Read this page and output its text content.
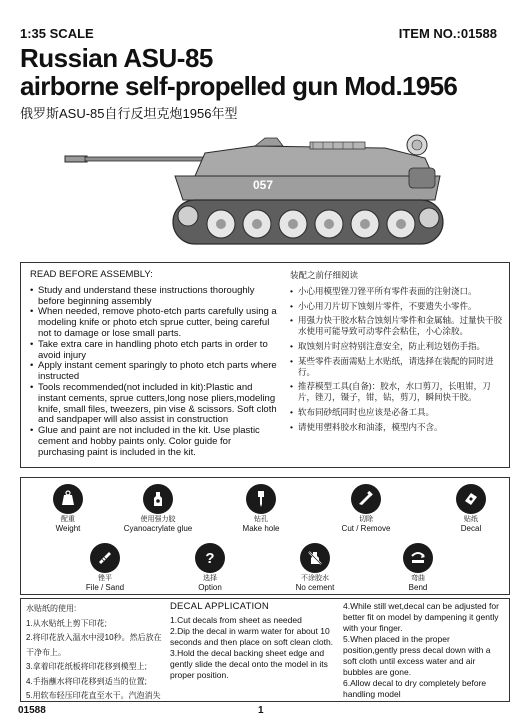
1:35 SCALE	ITEM NO.:01588
Russian ASU-85
airborne self-propelled gun Mod.1956
俄罗斯ASU-85自行反坦克炮1956年型
057
READ BEFORE ASSEMBLY:
• Study and understand these instructions thoroughly before beginning assembly
• When needed, remove photo-etch parts carefully using a modeling knife or photo etch sprue cutter, being careful not to damage or lose small parts.
• Take extra care in handling photo etch parts in order to avoid injury
• Apply instant cement sparingly to photo etch parts where instructed
• Tools recommended(not included in kit):Plastic and instant cements, sprue cutters,long nose pliers,modeling knife, small files, tweezers, pin vise & scissors. Soft cloth and sandpaper will also assist in construction
• Glue and paint are not included in the kit. Use plastic cement and hobby paints only. Color guide for purchasing paint is included in the kit.
装配之前仔细阅读
• 小心用模型锉刀锉平所有零件表面的注射浇口。
• 小心用刀片切下蚀刻片零件，不要遗失小零件。
• 用强力快干胶水粘合蚀刻片零件和金属轴。过量快干胶水使用可能导致可动零件会粘住，小心涂胶。
• 取蚀刻片时应特别注意安全，防止利边划伤手指。
• 某些零件表面需贴上水贴纸，请选择在装配的同时进行。
• 推荐模型工具(自备)：胶水，水口剪刀，长咀钳，刀片，锉刀，镊子，钳，钻，剪刀，瞬间快干胶。
• 软布同砂纸同时也应该是必备工具。
• 请使用塑料胶水和油漆，模型内不含。
配重
Weight
使用强力胶
Cyanoacrylate glue
钻孔
Make hole
切除
Cut / Remove
贴纸
Decal
锉平
File / Sand
?
选择
Option
不涂胶水
No cement
弯曲
Bend
水贴纸的使用:
1.从水贴纸上剪下印花;
2.将印花放入温水中浸10秒。然后放在干净布上。
3.拿着印花纸板将印花移到模型上;
4.手指蘸水将印花移到适当的位置;
5.用软布轻压印花直至水干。汽泡消失
DECAL APPLICATION

1.Cut decals from sheet as needed

2.Dip the decal in warm water for about 10 seconds and then place on soft clean cloth.

3.Hold the decal backing sheet edge and gently slide the decal onto the model in its proper position.

4.While still wet,decal can be adjusted for better fit on model by dampening it gently with your finger.

5.When placed in the proper position,gently press decal down with a soft cloth until excess water and air bubbles are gone.

6.Allow decal to dry completely before handling model

01588	1
